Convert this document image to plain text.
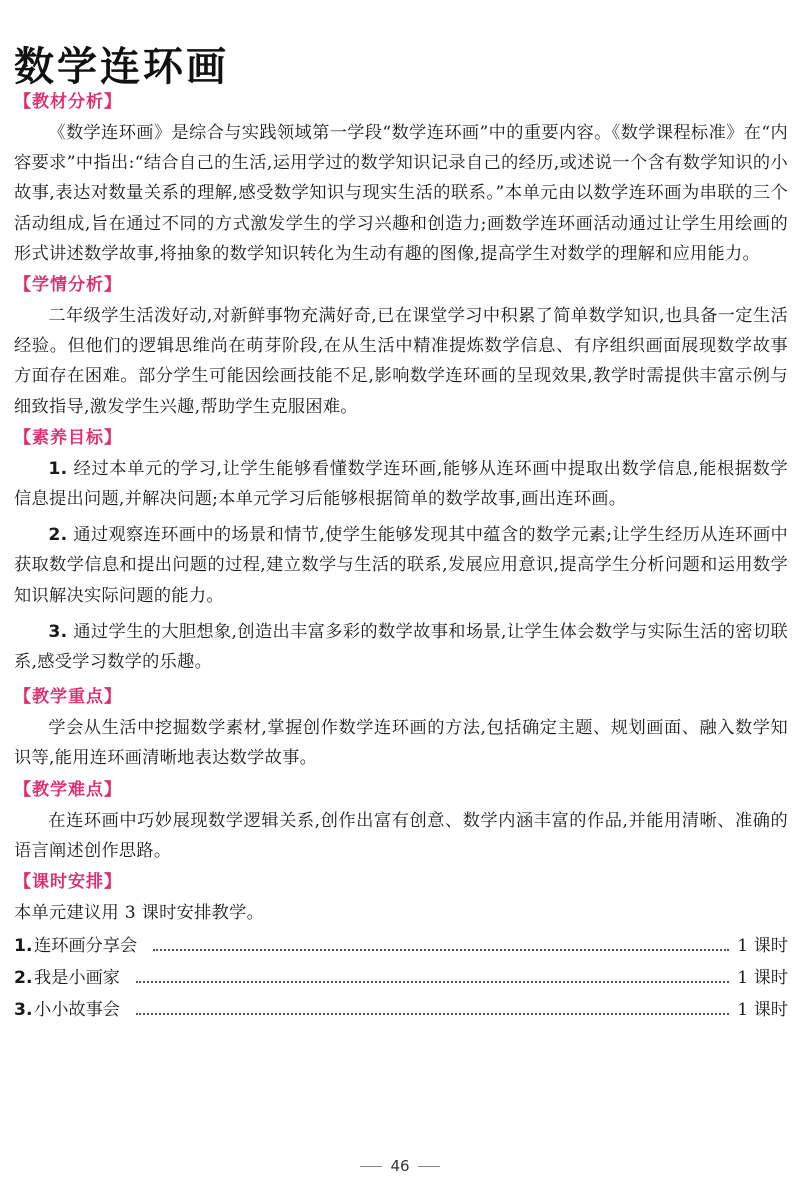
数学连环画
【教材分析】

《数学连环画》是综合与实践领域第一学段“数学连环画”中的重要内容。《数学课程标准》在“内容要求”中指出:“结合自己的生活,运用学过的数学知识记录自己的经历,或述说一个含有数学知识的小故事,表达对数量关系的理解,感受数学知识与现实生活的联系。”本单元由以数学连环画为串联的三个活动组成,旨在通过不同的方式激发学生的学习兴趣和创造力;画数学连环画活动通过让学生用绘画的形式讲述数学故事,将抽象的数学知识转化为生动有趣的图像,提高学生对数学的理解和应用能力。

【学情分析】

二年级学生活泼好动,对新鲜事物充满好奇,已在课堂学习中积累了简单数学知识,也具备一定生活经验。但他们的逻辑思维尚在萌芽阶段,在从生活中精准提炼数学信息、有序组织画面展现数学故事方面存在困难。部分学生可能因绘画技能不足,影响数学连环画的呈现效果,教学时需提供丰富示例与细致指导,激发学生兴趣,帮助学生克服困难。

【素养目标】

1. 经过本单元的学习,让学生能够看懂数学连环画,能够从连环画中提取出数学信息,能根据数学信息提出问题,并解决问题;本单元学习后能够根据简单的数学故事,画出连环画。

2. 通过观察连环画中的场景和情节,使学生能够发现其中蕴含的数学元素;让学生经历从连环画中获取数学信息和提出问题的过程,建立数学与生活的联系,发展应用意识,提高学生分析问题和运用数学知识解决实际问题的能力。

3. 通过学生的大胆想象,创造出丰富多彩的数学故事和场景,让学生体会数学与实际生活的密切联系,感受学习数学的乐趣。

【教学重点】

学会从生活中挖掘数学素材,掌握创作数学连环画的方法,包括确定主题、规划画面、融入数学知识等,能用连环画清晰地表达数学故事。

【教学难点】

在连环画中巧妙展现数学逻辑关系,创作出富有创意、数学内涵丰富的作品,并能用清晰、准确的语言阐述创作思路。

【课时安排】

本单元建议用 3 课时安排教学。

1. 连环画分享会	1 课时
2. 我是小画家	1 课时
3. 小小故事会	1 课时
46
